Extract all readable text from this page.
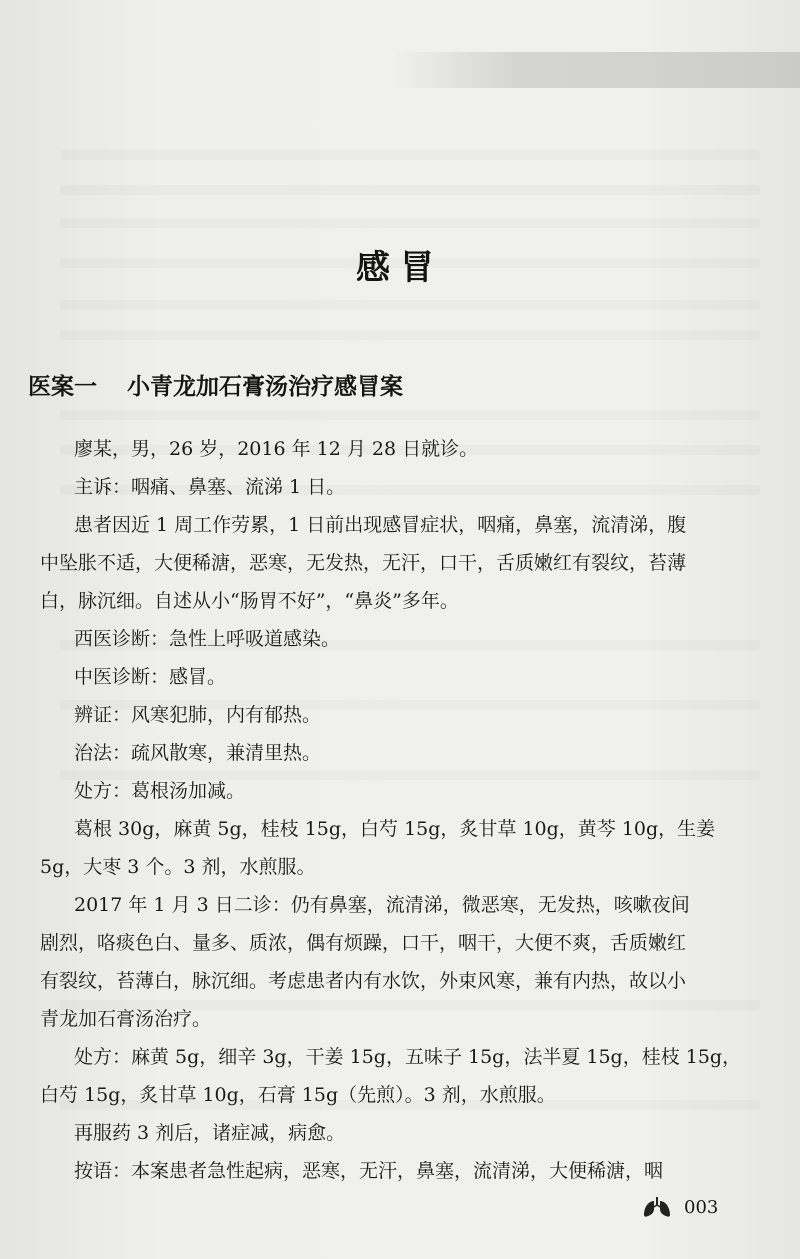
感冒
医案一 小青龙加石膏汤治疗感冒案
廖某，男，26 岁，2016 年 12 月 28 日就诊。
主诉：咽痛、鼻塞、流涕 1 日。
患者因近 1 周工作劳累，1 日前出现感冒症状，咽痛，鼻塞，流清涕，腹
中坠胀不适，大便稀溏，恶寒，无发热，无汗，口干，舌质嫩红有裂纹，苔薄
白，脉沉细。自述从小“肠胃不好”，“鼻炎”多年。
西医诊断：急性上呼吸道感染。
中医诊断：感冒。
辨证：风寒犯肺，内有郁热。
治法：疏风散寒，兼清里热。
处方：葛根汤加减。
葛根 30g，麻黄 5g，桂枝 15g，白芍 15g，炙甘草 10g，黄芩 10g，生姜
5g，大枣 3 个。3 剂，水煎服。
2017 年 1 月 3 日二诊：仍有鼻塞，流清涕，微恶寒，无发热，咳嗽夜间
剧烈，咯痰色白、量多、质浓，偶有烦躁，口干，咽干，大便不爽，舌质嫩红
有裂纹，苔薄白，脉沉细。考虑患者内有水饮，外束风寒，兼有内热，故以小
青龙加石膏汤治疗。
处方：麻黄 5g，细辛 3g，干姜 15g，五味子 15g，法半夏 15g，桂枝 15g，
白芍 15g，炙甘草 10g，石膏 15g（先煎）。3 剂，水煎服。
再服药 3 剂后，诸症减，病愈。
按语：本案患者急性起病，恶寒，无汗，鼻塞，流清涕，大便稀溏，咽
003
